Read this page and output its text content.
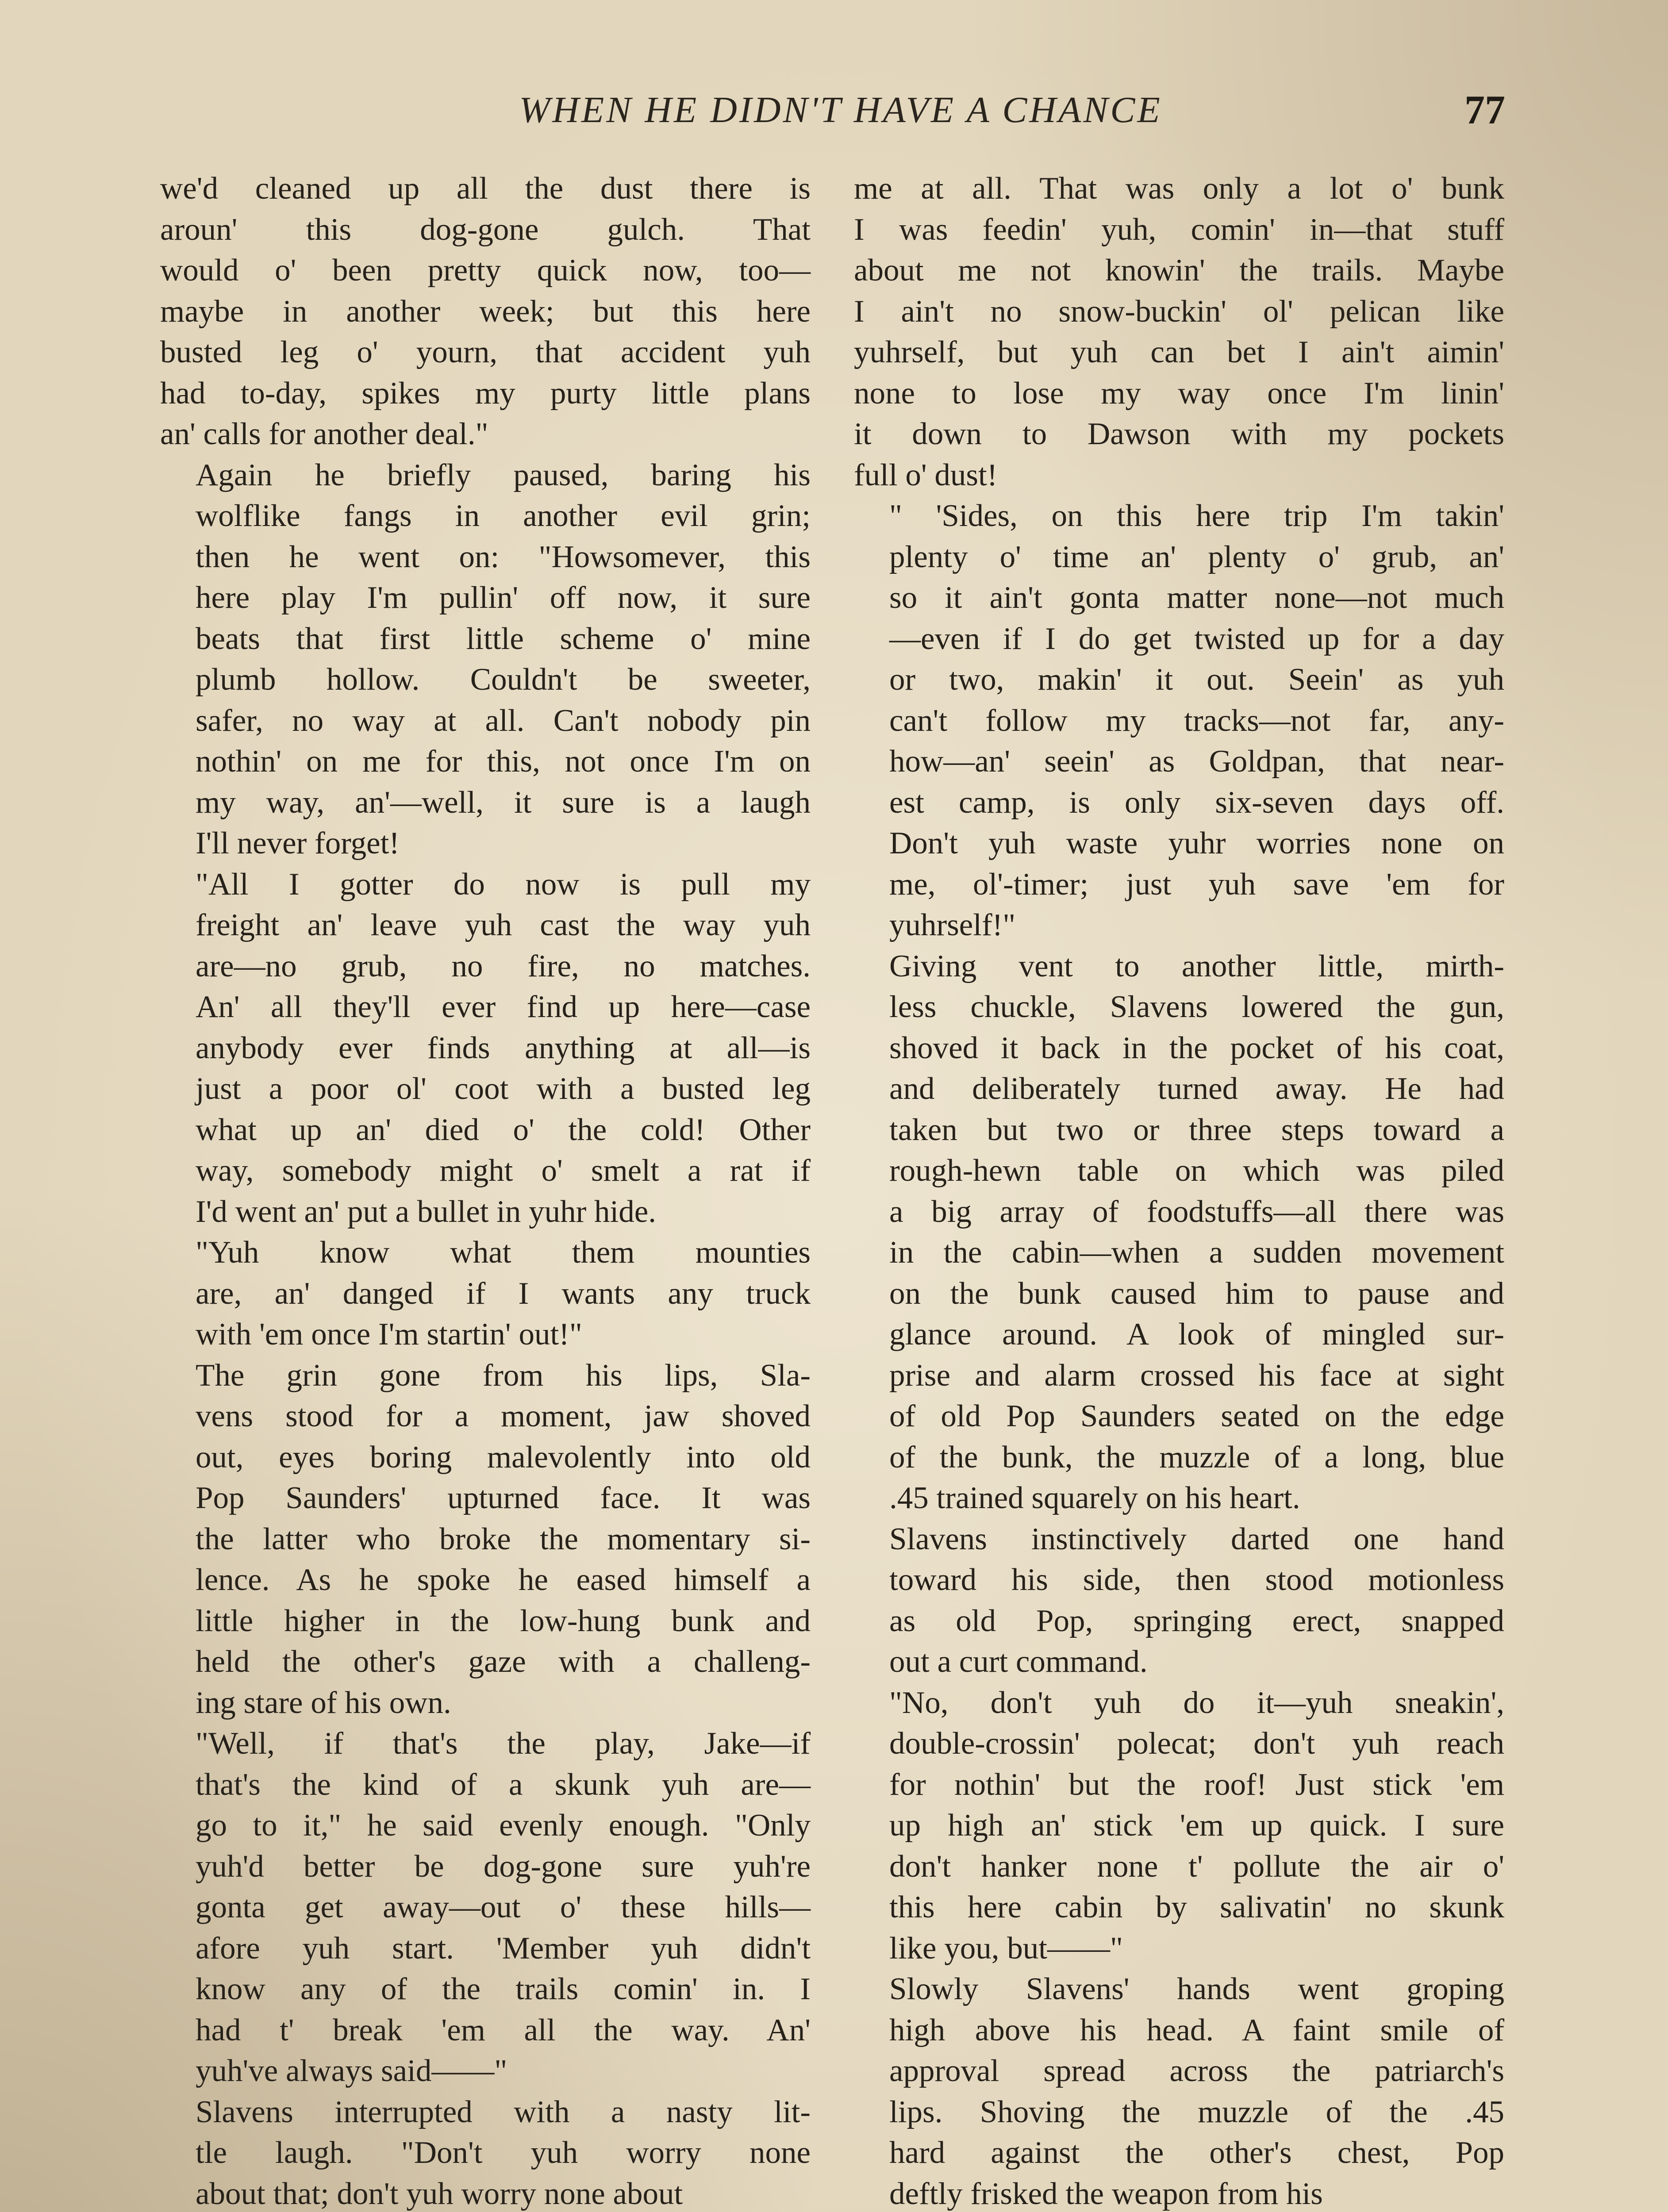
WHEN HE DIDN'T HAVE A CHANCE	77
we'd cleaned up all the dust there is
aroun' this dog-gone gulch. That
would o' been pretty quick now, too—
maybe in another week; but this here
busted leg o' yourn, that accident yuh
had to-day, spikes my purty little plans
an' calls for another deal."
Again he briefly paused, baring his
wolflike fangs in another evil grin;
then he went on: "Howsomever, this
here play I'm pullin' off now, it sure
beats that first little scheme o' mine
plumb hollow. Couldn't be sweeter,
safer, no way at all. Can't nobody pin
nothin' on me for this, not once I'm on
my way, an'—well, it sure is a laugh
I'll never forget!
"All I gotter do now is pull my
freight an' leave yuh cast the way yuh
are—no grub, no fire, no matches.
An' all they'll ever find up here—case
anybody ever finds anything at all—is
just a poor ol' coot with a busted leg
what up an' died o' the cold! Other
way, somebody might o' smelt a rat if
I'd went an' put a bullet in yuhr hide.
"Yuh know what them mounties
are, an' danged if I wants any truck
with 'em once I'm startin' out!"
The grin gone from his lips, Sla-
vens stood for a moment, jaw shoved
out, eyes boring malevolently into old
Pop Saunders' upturned face. It was
the latter who broke the momentary si-
lence. As he spoke he eased himself a
little higher in the low-hung bunk and
held the other's gaze with a challeng-
ing stare of his own.
"Well, if that's the play, Jake—if
that's the kind of a skunk yuh are—
go to it," he said evenly enough. "Only
yuh'd better be dog-gone sure yuh're
gonta get away—out o' these hills—
afore yuh start. 'Member yuh didn't
know any of the trails comin' in. I
had t' break 'em all the way. An'
yuh've always said——"
Slavens interrupted with a nasty lit-
tle laugh. "Don't yuh worry none
about that; don't yuh worry none about
me at all. That was only a lot o' bunk
I was feedin' yuh, comin' in—that stuff
about me not knowin' the trails. Maybe
I ain't no snow-buckin' ol' pelican like
yuhrself, but yuh can bet I ain't aimin'
none to lose my way once I'm linin'
it down to Dawson with my pockets
full o' dust!
" 'Sides, on this here trip I'm takin'
plenty o' time an' plenty o' grub, an'
so it ain't gonta matter none—not much
—even if I do get twisted up for a day
or two, makin' it out. Seein' as yuh
can't follow my tracks—not far, any-
how—an' seein' as Goldpan, that near-
est camp, is only six-seven days off.
Don't yuh waste yuhr worries none on
me, ol'-timer; just yuh save 'em for
yuhrself!"
Giving vent to another little, mirth-
less chuckle, Slavens lowered the gun,
shoved it back in the pocket of his coat,
and deliberately turned away. He had
taken but two or three steps toward a
rough-hewn table on which was piled
a big array of foodstuffs—all there was
in the cabin—when a sudden movement
on the bunk caused him to pause and
glance around. A look of mingled sur-
prise and alarm crossed his face at sight
of old Pop Saunders seated on the edge
of the bunk, the muzzle of a long, blue
.45 trained squarely on his heart.
Slavens instinctively darted one hand
toward his side, then stood motionless
as old Pop, springing erect, snapped
out a curt command.
"No, don't yuh do it—yuh sneakin',
double-crossin' polecat; don't yuh reach
for nothin' but the roof! Just stick 'em
up high an' stick 'em up quick. I sure
don't hanker none t' pollute the air o'
this here cabin by salivatin' no skunk
like you, but——"
Slowly Slavens' hands went groping
high above his head. A faint smile of
approval spread across the patriarch's
lips. Shoving the muzzle of the .45
hard against the other's chest, Pop
deftly frisked the weapon from his
